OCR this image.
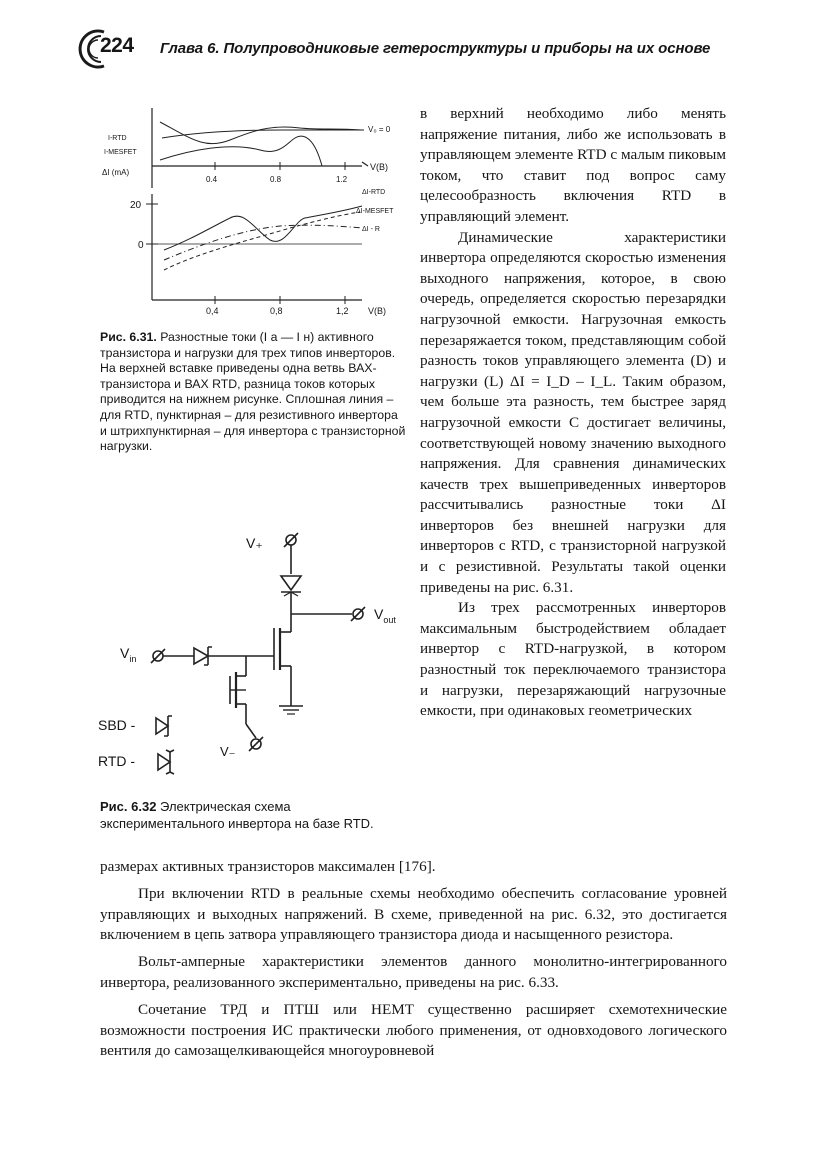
224 Глава 6. Полупроводниковые гетероструктуры и приборы на их основе
I-RTD
I-MESFET
ΔI (mA)
V₀ = 0
V(B)
0.4	0.8	1.2
ΔI-RTD
ΔI-MESFET
ΔI - R
20
0
0,4	0,8	1,2 V(B)
Рис. 6.31. Разностные токи (I а — I н) активного транзистора и нагрузки для трех типов инверторов. На верхней вставке приведены одна ветвь ВАХ-транзистора и ВАХ RTD, разница токов которых приводится на нижнем рисунке. Сплошная линия – для RTD, пунктирная – для резистивного инвертора и штрихпунктирная – для инвертора с транзисторной нагрузки.
V₊
$V_{out}$
$V_{in}$
V₋
SBD -
RTD -
Рис. 6.32 Электрическая схема экспериментального инвертора на базе RTD.

в верхний необходимо либо менять напряжение питания, либо же использовать в управляющем элементе RTD с малым пиковым током, что ставит под вопрос саму целесообразность включения RTD в управляющий элемент.

Динамические характеристики инвертора определяются скоростью изменения выходного напряжения, которое, в свою очередь, определяется скоростью перезарядки нагрузочной емкости. Нагрузочная емкость перезаряжается током, представляющим собой разность токов управляющего элемента (D) и нагрузки (L) ΔI = I_D – I_L. Таким образом, чем больше эта разность, тем быстрее заряд нагрузочной емкости C достигает величины, соответствующей новому значению выходного напряжения. Для сравнения динамических качеств трех вышеприведенных инверторов рассчитывались разностные токи ΔI инверторов без внешней нагрузки для инверторов с RTD, с транзисторной нагрузкой и с резистивной. Результаты такой оценки приведены на рис. 6.31.

Из трех рассмотренных инверторов максимальным быстродействием обладает инвертор с RTD-нагрузкой, в котором разностный ток переключаемого транзистора и нагрузки, перезаряжающий нагрузочные емкости, при одинаковых геометрических

размерах активных транзисторов максимален [176].

При включении RTD в реальные схемы необходимо обеспечить согласование уровней управляющих и выходных напряжений. В схеме, приведенной на рис. 6.32, это достигается включением в цепь затвора управляющего транзистора диода и насыщенного резистора.

Вольт-амперные характеристики элементов данного монолитно-интегрированного инвертора, реализованного экспериментально, приведены на рис. 6.33.

Сочетание ТРД и ПТШ или HEMT существенно расширяет схемотехнические возможности построения ИС практически любого применения, от одновходового логического вентиля до самозащелкивающейся многоуровневой
